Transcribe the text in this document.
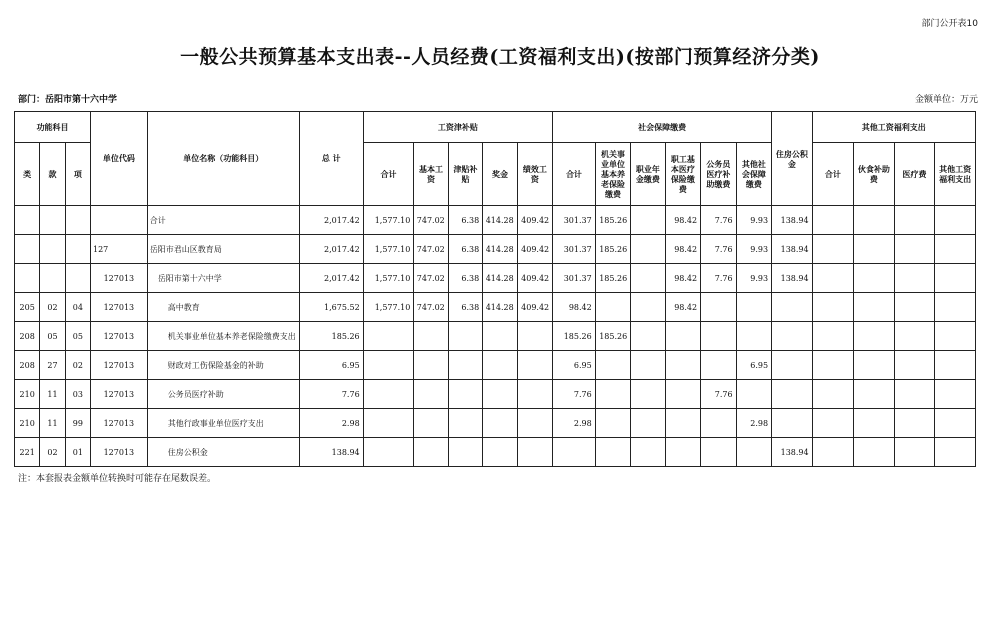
部门公开表10
一般公共预算基本支出表--人员经费(工资福利支出)(按部门预算经济分类)
部门：岳阳市第十六中学	金额单位：万元
功能科目			单位代码	单位名称（功能科目）	总 计	工资津补贴					社会保障缴费						住房公积金	其他工资福利支出			
类	款	项				合计	基本工资	津贴补贴	奖金	绩效工资	合计	机关事业单位基本养老保险缴费	职业年金缴费	职工基本医疗保险缴费	公务员医疗补助缴费	其他社会保障缴费		合计	伙食补助费	医疗费	其他工资福利支出
				合计	2,017.42	1,577.10	747.02	6.38	414.28	409.42	301.37	185.26		98.42	7.76	9.93	138.94				
			127	岳阳市君山区教育局	2,017.42	1,577.10	747.02	6.38	414.28	409.42	301.37	185.26		98.42	7.76	9.93	138.94				
			127013	岳阳市第十六中学	2,017.42	1,577.10	747.02	6.38	414.28	409.42	301.37	185.26		98.42	7.76	9.93	138.94				
205	02	04	127013	高中教育	1,675.52	1,577.10	747.02	6.38	414.28	409.42	98.42			98.42							
208	05	05	127013	机关事业单位基本养老保险缴费支出	185.26						185.26	185.26									
208	27	02	127013	财政对工伤保险基金的补助	6.95						6.95					6.95					
210	11	03	127013	公务员医疗补助	7.76						7.76				7.76						
210	11	99	127013	其他行政事业单位医疗支出	2.98						2.98					2.98					
221	02	01	127013	住房公积金	138.94												138.94				
注：本套报表金额单位转换时可能存在尾数误差。
